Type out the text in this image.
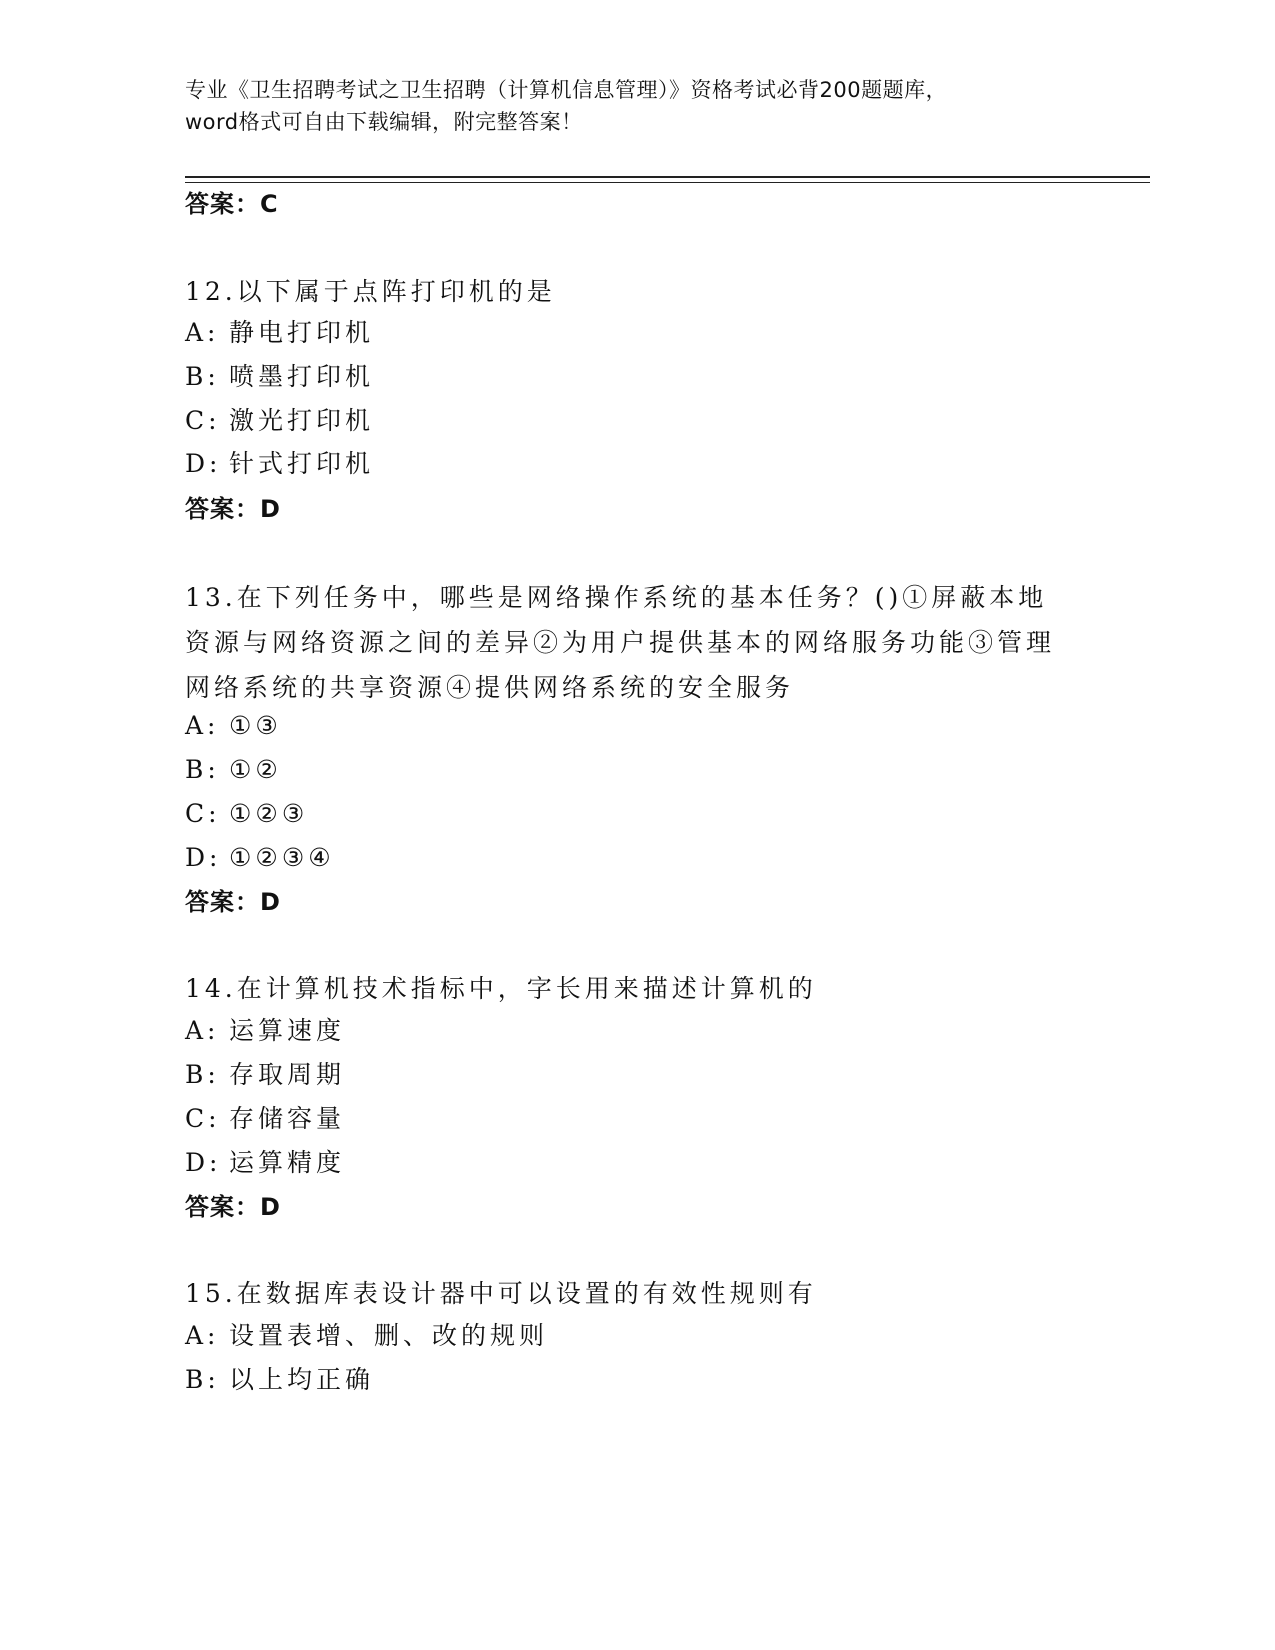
专业《卫生招聘考试之卫生招聘（计算机信息管理）》资格考试必背200题题库，
word格式可自由下载编辑，附完整答案！
答案：C
12.以下属于点阵打印机的是
A: 静电打印机
B: 喷墨打印机
C: 激光打印机
D: 针式打印机
答案：D
13.在下列任务中，哪些是网络操作系统的基本任务？()①屏蔽本地资源与网络资源之间的差异②为用户提供基本的网络服务功能③管理网络系统的共享资源④提供网络系统的安全服务
A: ①③
B: ①②
C: ①②③
D: ①②③④
答案：D
14.在计算机技术指标中，字长用来描述计算机的
A: 运算速度
B: 存取周期
C: 存储容量
D: 运算精度
答案：D
15.在数据库表设计器中可以设置的有效性规则有
A: 设置表增、删、改的规则
B: 以上均正确
